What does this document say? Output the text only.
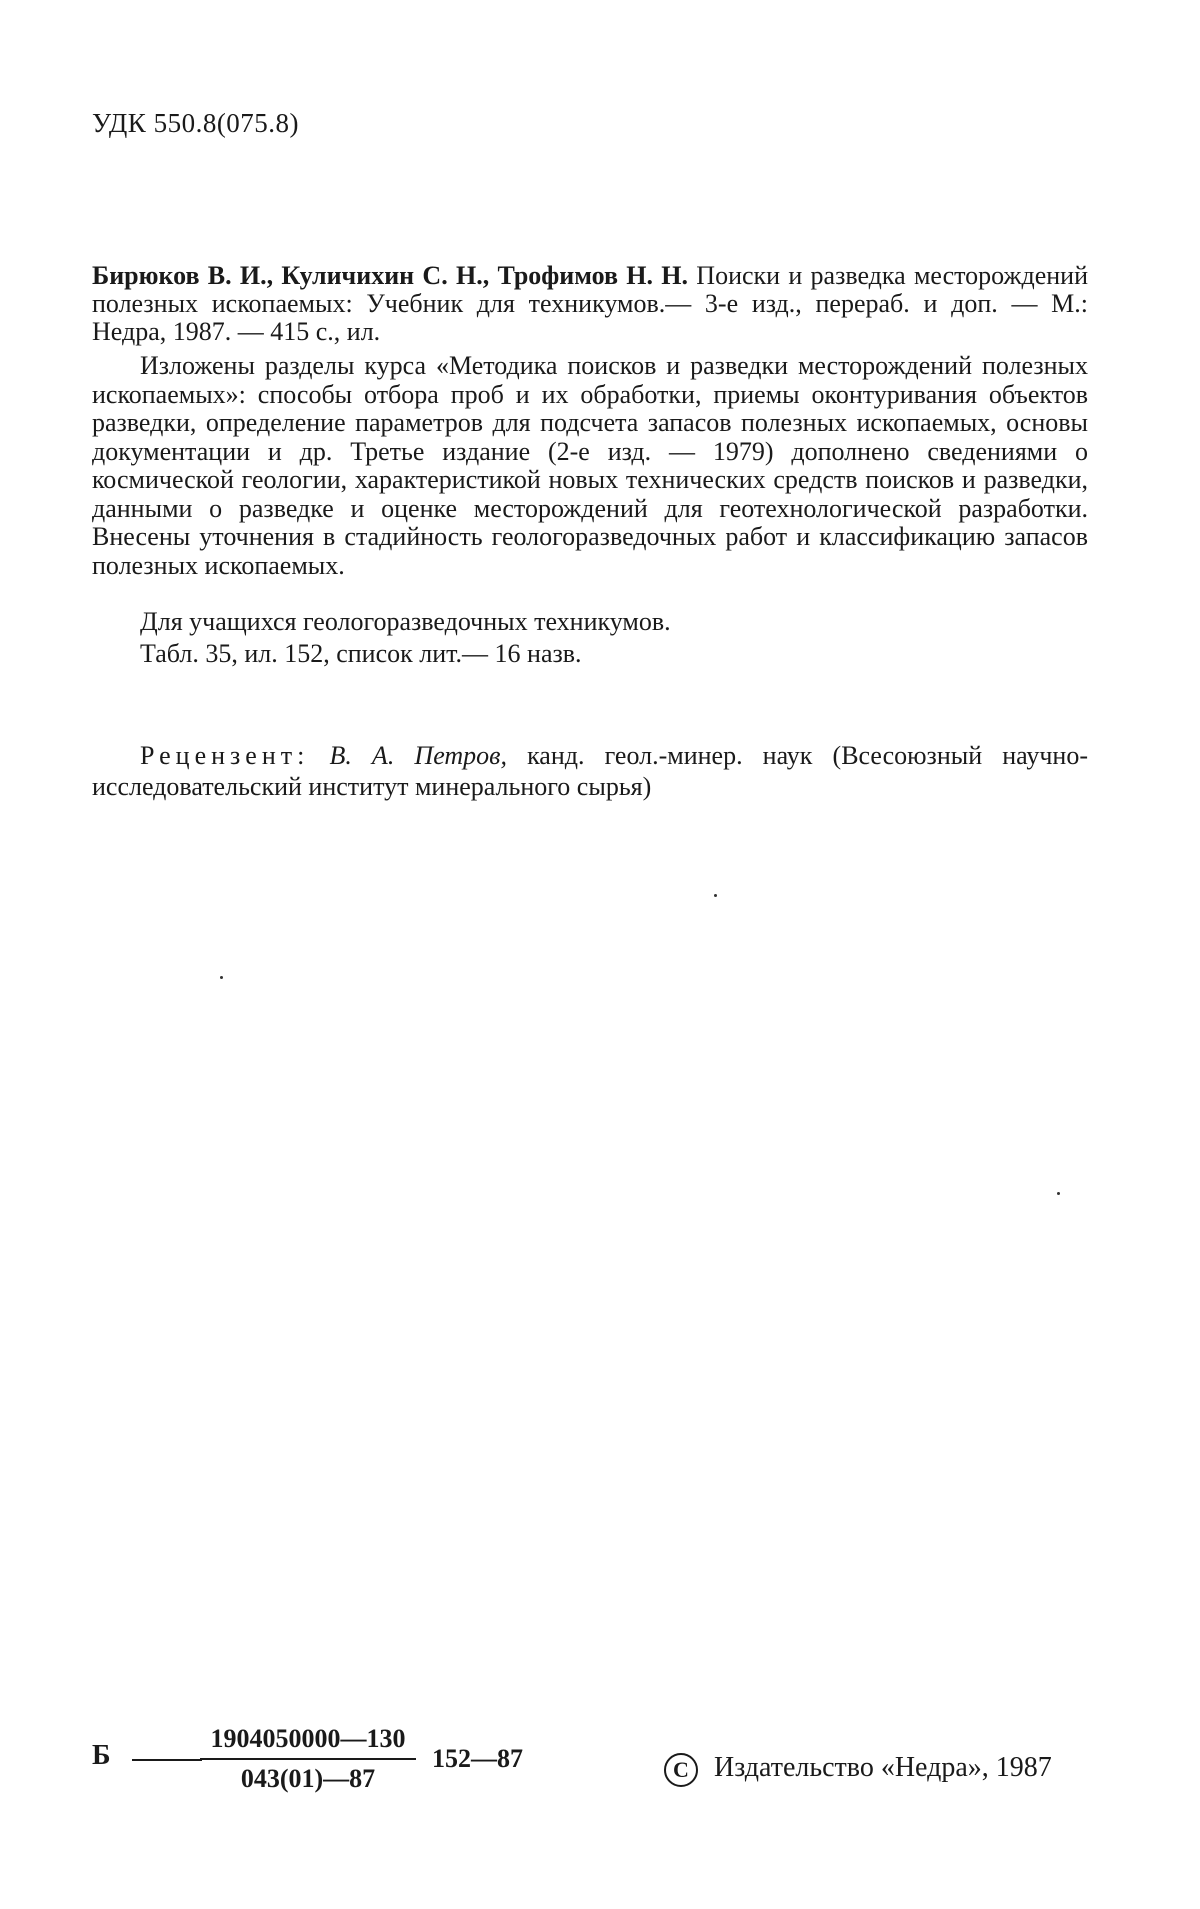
УДК 550.8(075.8)
Бирюков В. И., Куличихин С. Н., Трофимов Н. Н. Поиски и разведка месторождений полезных ископаемых: Учебник для техникумов.— 3-е изд., перераб. и доп. — М.: Недра, 1987. — 415 с., ил.
Изложены разделы курса «Методика поисков и разведки месторождений полезных ископаемых»: способы отбора проб и их обработки, приемы оконтуривания объектов разведки, определение параметров для подсчета запасов полезных ископаемых, основы документации и др. Третье издание (2-е изд. — 1979) дополнено сведениями о космической геологии, характеристикой новых технических средств поисков и разведки, данными о разведке и оценке месторождений для геотехнологической разработки. Внесены уточнения в стадийность геологоразведочных работ и классификацию запасов полезных ископаемых.
Для учащихся геологоразведочных техникумов.
Табл. 35, ил. 152, список лит.— 16 назв.
Рецензент: В. А. Петров, канд. геол.-минер. наук (Всесоюзный научно-исследовательский институт минерального сырья)
Б
1904050000—130
043(01)—87
152—87	С Издательство «Недра», 1987
